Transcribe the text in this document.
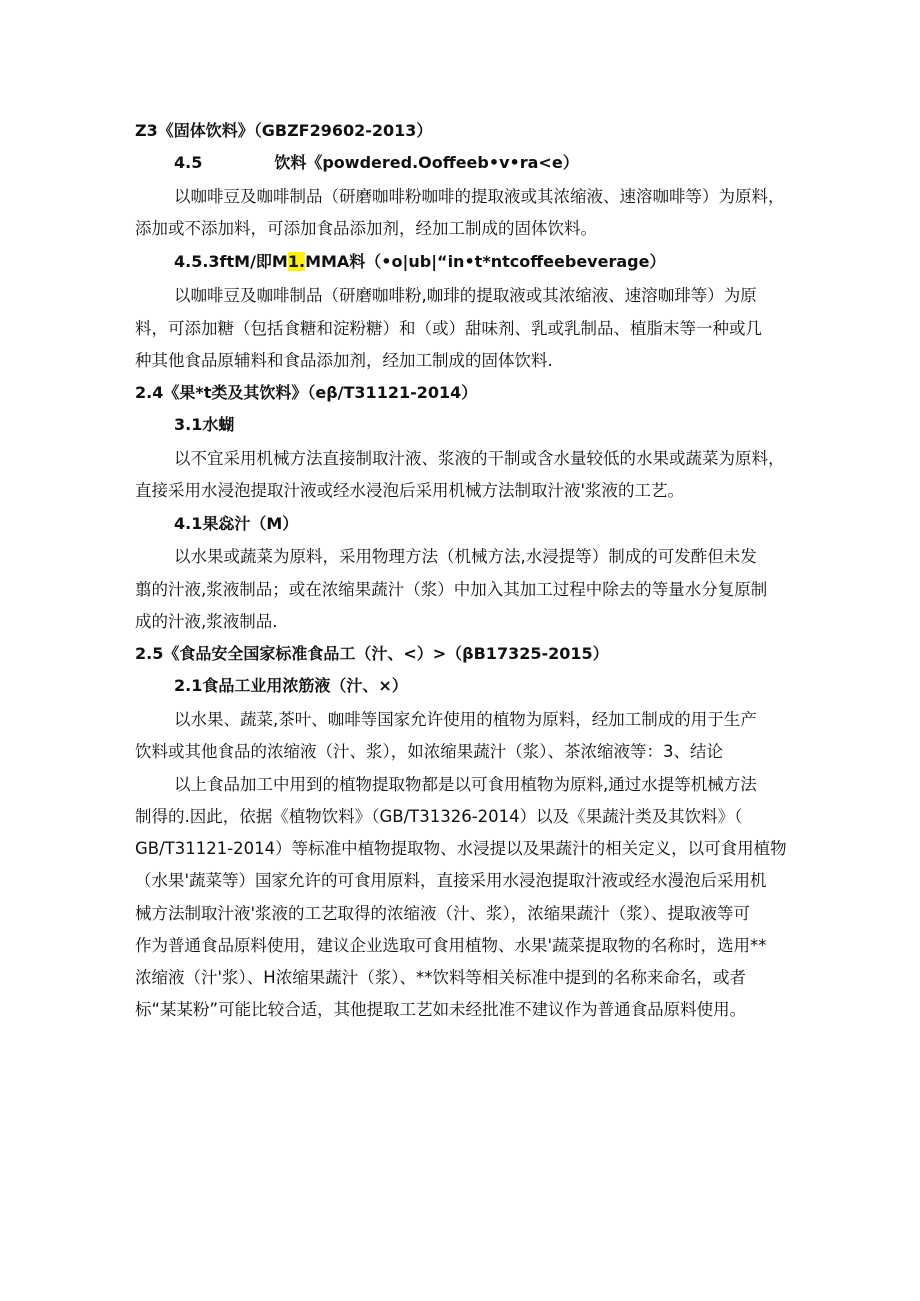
Z3《固体饮料》（GBZF29602-2013）
4.5	饮料《powdered.Ooffeeb•v•ra<e）
以咖啡豆及咖啡制品（研磨咖啡粉咖啡的提取液或其浓缩液、速溶咖啡等）为原料，
添加或不添加料，可添加食品添加剂，经加工制成的固体饮料。
4.5.3ftM/即M1.MMA料（•o|ub|“in•t*ntcoffeebeverage）
以咖啡豆及咖啡制品（研磨咖啡粉,咖琲的提取液或其浓缩液、速溶咖琲等）为原
料，可添加糖（包括食糖和淀粉糖）和（或）甜味剂、乳或乳制品、植脂末等一种或几
种其他食品原辅料和食品添加剂，经加工制成的固体饮料.
2.4《果*t类及其饮料》（eβ/T31121-2014）
3.1水蝴
以不宜采用机械方法直接制取汁液、浆液的干制或含水量较低的水果或蔬菜为原料，
直接采用水浸泡提取汁液或经水浸泡后采用机械方法制取汁液'浆液的工艺。
4.1果惢汁（M）
以水果或蔬菜为原料，采用物理方法（机械方法,水浸提等）制成的可发酢但未发
翦的汁液,浆液制品；或在浓缩果蔬汁（浆）中加入其加工过程中除去的等量水分复原制
成的汁液,浆液制品.
2.5《食品安全国家标准食品工（汁、<）>（βB17325-2015）
2.1食品工业用浓筋液（汁、×）
以水果、蔬菜,茶叶、咖啡等国家允许使用的植物为原料，经加工制成的用于生产
饮料或其他食品的浓缩液（汁、浆），如浓缩果蔬汁（浆）、茶浓缩液等：3、结论
以上食品加工中用到的植物提取物都是以可食用植物为原料,通过水提等机械方法
制得的.因此，依据《植物饮料》（GB/T31326-2014）以及《果蔬汁类及其饮料》（
GB/T31121-2014）等标准中植物提取物、水浸提以及果蔬汁的相关定义，以可食用植物
（水果'蔬菜等）国家允许的可食用原料，直接采用水浸泡提取汁液或经水漫泡后采用机
械方法制取汁液'浆液的工艺取得的浓缩液（汁、浆），浓缩果蔬汁（浆）、提取液等可
作为普通食品原料使用，建议企业选取可食用植物、水果'蔬菜提取物的名称时，选用**
浓缩液（汁'浆）、H浓缩果蔬汁（浆）、**饮料等相关标准中提到的名称来命名，或者
标“某某粉”可能比较合适，其他提取工艺如未经批准不建议作为普通食品原料使用。
